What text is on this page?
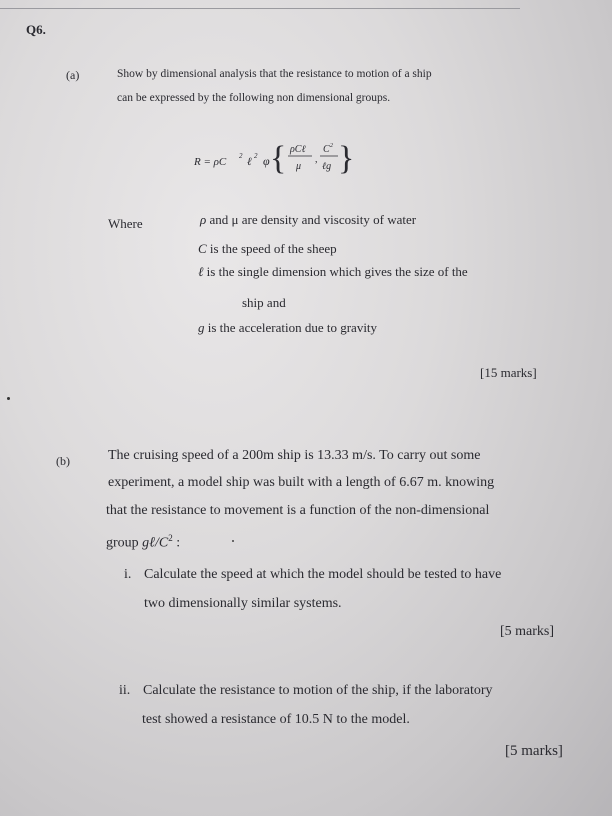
Q6.
(a)	Show by dimensional analysis that the resistance to motion of a ship
can be expressed by the following non dimensional groups.
R = ρC 2 ℓ 2 φ { ρCℓ
μ
,
C 2
ℓg }
Where	ρ and μ are density and viscosity of water
C is the speed of the sheep
ℓ is the single dimension which gives the size of the
ship and
g is the acceleration due to gravity
[15 marks]
(b)	The cruising speed of a 200m ship is 13.33 m/s. To carry out some
experiment, a model ship was built with a length of 6.67 m. knowing
that the resistance to movement is a function of the non-dimensional
group $g\ell/C^2$ :
i. Calculate the speed at which the model should be tested to have
two dimensionally similar systems.
[5 marks]
ii. Calculate the resistance to motion of the ship, if the laboratory
test showed a resistance of 10.5 N to the model.
[5 marks]
